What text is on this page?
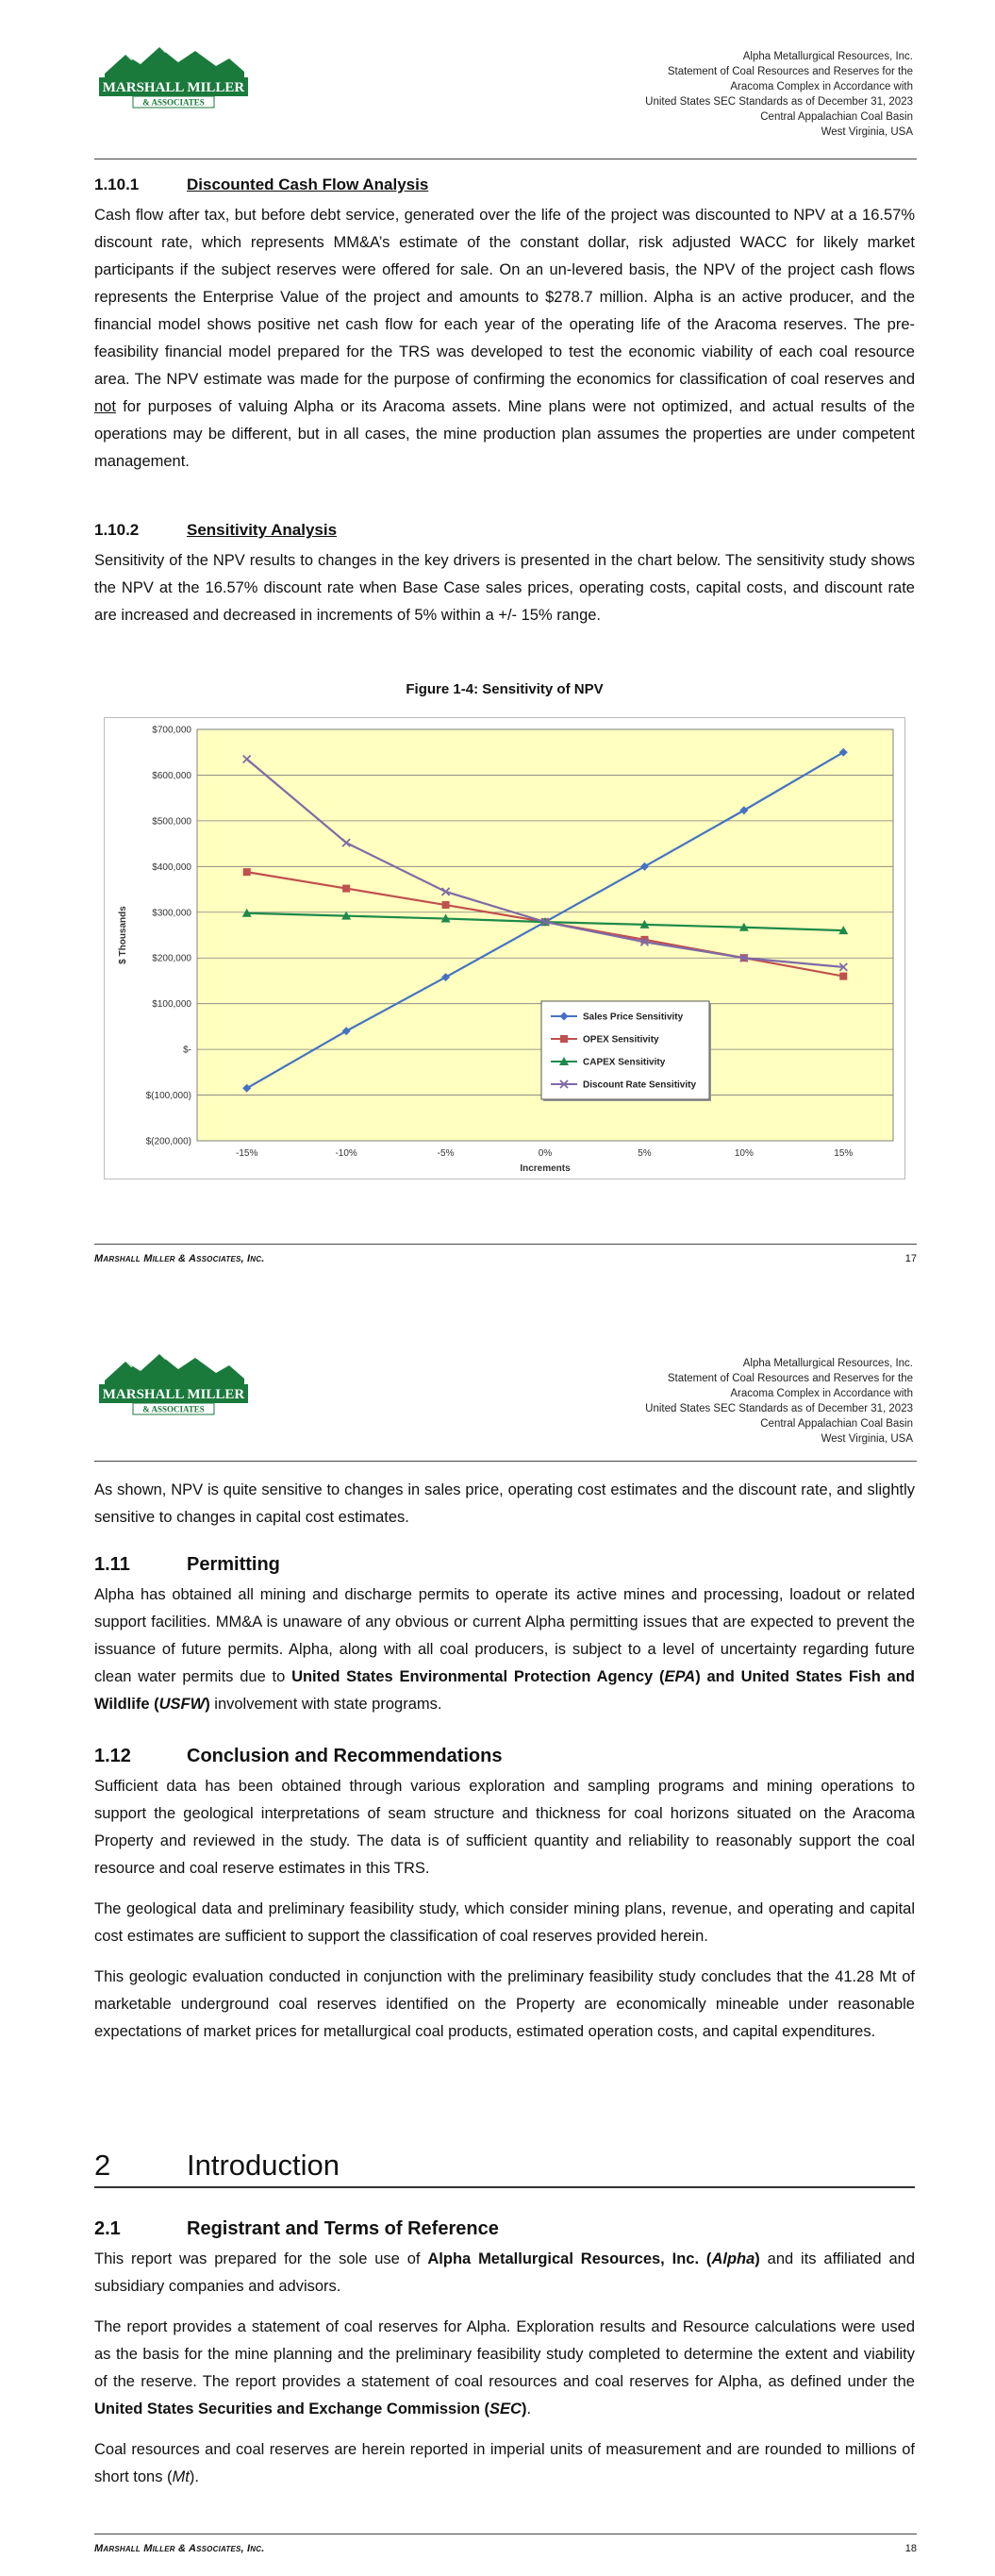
MARSHALL MILLER
& ASSOCIATES
Alpha Metallurgical Resources, Inc.
Statement of Coal Resources and Reserves for the
Aracoma Complex in Accordance with
United States SEC Standards as of December 31, 2023
Central Appalachian Coal Basin
West Virginia, USA
1.10.1	Discounted Cash Flow Analysis

Cash flow after tax, but before debt service, generated over the life of the project was discounted to NPV at a 16.57% discount rate, which represents MM&A’s estimate of the constant dollar, risk adjusted WACC for likely market participants if the subject reserves were offered for sale. On an un-levered basis, the NPV of the project cash flows represents the Enterprise Value of the project and amounts to $278.7 million. Alpha is an active producer, and the financial model shows positive net cash flow for each year of the operating life of the Aracoma reserves. The pre-feasibility financial model prepared for the TRS was developed to test the economic viability of each coal resource area. The NPV estimate was made for the purpose of confirming the economics for classification of coal reserves and not for purposes of valuing Alpha or its Aracoma assets. Mine plans were not optimized, and actual results of the operations may be different, but in all cases, the mine production plan assumes the properties are under competent management.

1.10.2	Sensitivity Analysis

Sensitivity of the NPV results to changes in the key drivers is presented in the chart below. The sensitivity study shows the NPV at the 16.57% discount rate when Base Case sales prices, operating costs, capital costs, and discount rate are increased and decreased in increments of 5% within a +/- 15% range.

Figure 1-4: Sensitivity of NPV
$(200,000)
$(100,000)
$-
$100,000
$200,000
$300,000
$400,000
$500,000
$600,000
$700,000
-15%	-10%	-5%	0%	5%	10%	15%
Increments
$ Thousands
Sales Price Sensitivity
OPEX Sensitivity
CAPEX Sensitivity
Discount Rate Sensitivity
Marshall Miller & Associates, Inc.	17
MARSHALL MILLER
& ASSOCIATES
Alpha Metallurgical Resources, Inc.
Statement of Coal Resources and Reserves for the
Aracoma Complex in Accordance with
United States SEC Standards as of December 31, 2023
Central Appalachian Coal Basin
West Virginia, USA

As shown, NPV is quite sensitive to changes in sales price, operating cost estimates and the discount rate, and slightly sensitive to changes in capital cost estimates.

1.11	Permitting

Alpha has obtained all mining and discharge permits to operate its active mines and processing, loadout or related support facilities. MM&A is unaware of any obvious or current Alpha permitting issues that are expected to prevent the issuance of future permits. Alpha, along with all coal producers, is subject to a level of uncertainty regarding future clean water permits due to United States Environmental Protection Agency (EPA) and United States Fish and Wildlife (USFW) involvement with state programs.

1.12	Conclusion and Recommendations

Sufficient data has been obtained through various exploration and sampling programs and mining operations to support the geological interpretations of seam structure and thickness for coal horizons situated on the Aracoma Property and reviewed in the study. The data is of sufficient quantity and reliability to reasonably support the coal resource and coal reserve estimates in this TRS.

The geological data and preliminary feasibility study, which consider mining plans, revenue, and operating and capital cost estimates are sufficient to support the classification of coal reserves provided herein.

This geologic evaluation conducted in conjunction with the preliminary feasibility study concludes that the 41.28 Mt of marketable underground coal reserves identified on the Property are economically mineable under reasonable expectations of market prices for metallurgical coal products, estimated operation costs, and capital expenditures.

2	Introduction
2.1	Registrant and Terms of Reference

This report was prepared for the sole use of Alpha Metallurgical Resources, Inc. (Alpha) and its affiliated and subsidiary companies and advisors.

The report provides a statement of coal reserves for Alpha. Exploration results and Resource calculations were used as the basis for the mine planning and the preliminary feasibility study completed to determine the extent and viability of the reserve. The report provides a statement of coal resources and coal reserves for Alpha, as defined under the United States Securities and Exchange Commission (SEC).

Coal resources and coal reserves are herein reported in imperial units of measurement and are rounded to millions of short tons (Mt).

Marshall Miller & Associates, Inc.	18
